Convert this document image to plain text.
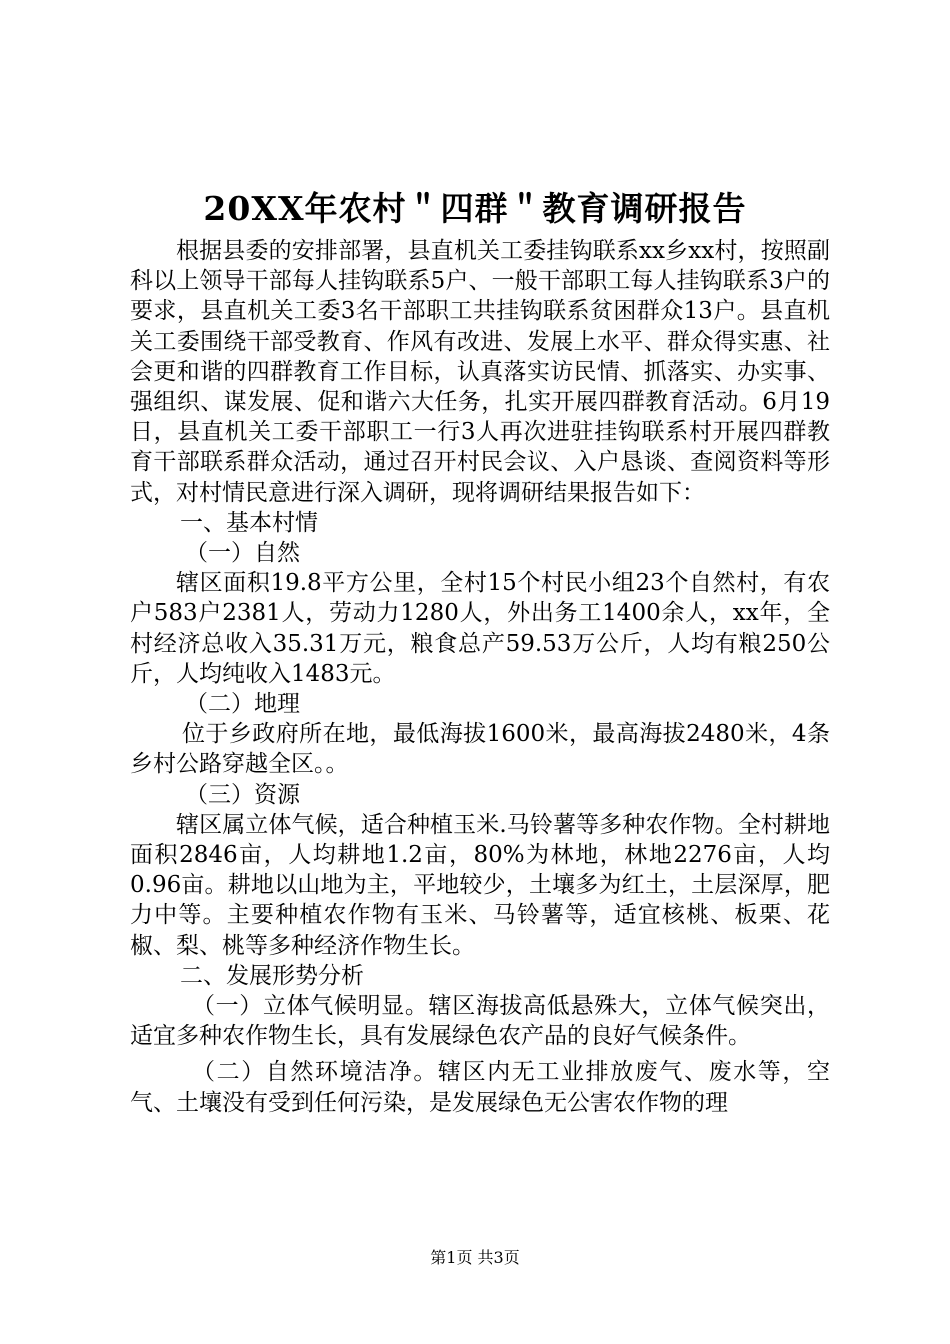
20XX年农村＂四群＂教育调研报告

根据县委的安排部署，县直机关工委挂钩联系xx乡xx村，按照副科以上领导干部每人挂钩联系5户、一般干部职工每人挂钩联系3户的要求，县直机关工委3名干部职工共挂钩联系贫困群众13户。县直机关工委围绕干部受教育、作风有改进、发展上水平、群众得实惠、社会更和谐的四群教育工作目标，认真落实访民情、抓落实、办实事、强组织、谋发展、促和谐六大任务，扎实开展四群教育活动。6月19日，县直机关工委干部职工一行3人再次进驻挂钩联系村开展四群教育干部联系群众活动，通过召开村民会议、入户恳谈、查阅资料等形式，对村情民意进行深入调研，现将调研结果报告如下：

一、基本村情

（一）自然

辖区面积19.8平方公里，全村15个村民小组23个自然村，有农户583户2381人，劳动力1280人，外出务工1400余人，xx年，全村经济总收入35.31万元，粮食总产59.53万公斤，人均有粮250公斤，人均纯收入1483元。

（二）地理

位于乡政府所在地，最低海拔1600米，最高海拔2480米，4条乡村公路穿越全区。。

（三）资源

辖区属立体气候，适合种植玉米.马铃薯等多种农作物。全村耕地面积2846亩，人均耕地1.2亩，80%为林地，林地2276亩，人均0.96亩。耕地以山地为主，平地较少，土壤多为红土，土层深厚，肥力中等。主要种植农作物有玉米、马铃薯等，适宜核桃、板栗、花椒、梨、桃等多种经济作物生长。

二、发展形势分析

（一）立体气候明显。辖区海拔高低悬殊大，立体气候突出，适宜多种农作物生长，具有发展绿色农产品的良好气候条件。

（二）自然环境洁净。辖区内无工业排放废气、废水等，空气、土壤没有受到任何污染，是发展绿色无公害农作物的理

第1页 共3页
